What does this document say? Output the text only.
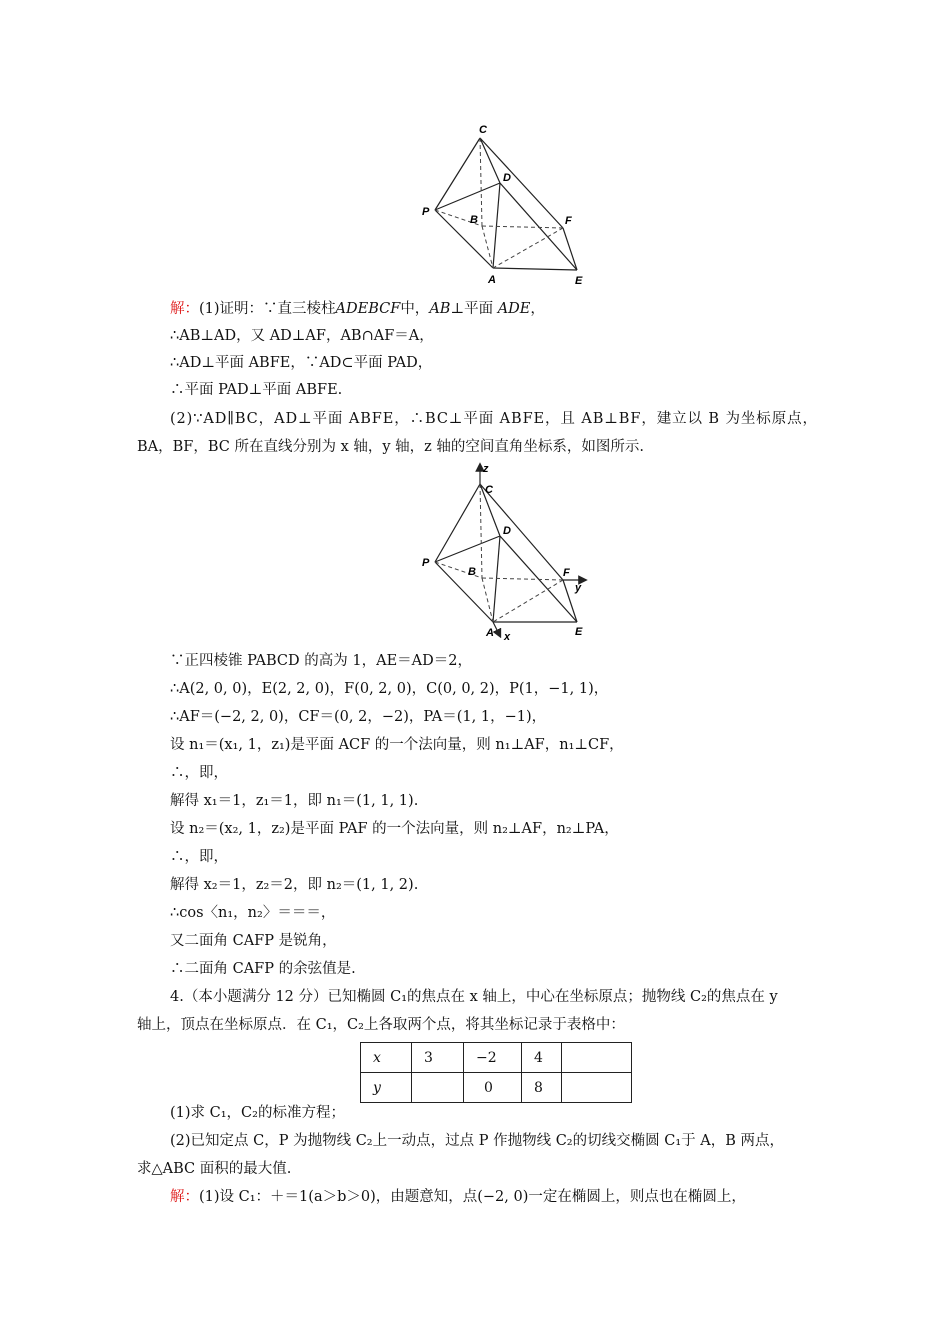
C
D
P
B	F
A	E
解：(1)证明：∵直三棱柱ADEBCF中，AB⊥平面 ADE，
∴AB⊥AD，又 AD⊥AF，AB∩AF＝A，
∴AD⊥平面 ABFE，∵AD⊂平面 PAD，
∴平面 PAD⊥平面 ABFE.
(2)∵AD∥BC，AD⊥平面 ABFE，∴BC⊥平面 ABFE，且 AB⊥BF，建立以 B 为坐标原点，
BA，BF，BC 所在直线分别为 x 轴，y 轴，z 轴的空间直角坐标系，如图所示.
z
C
D
P
B	F
y
A x	E
∵正四棱锥 PABCD 的高为 1，AE＝AD＝2，
∴A(2, 0, 0)，E(2, 2, 0)，F(0, 2, 0)，C(0, 0, 2)，P(1，−1, 1)，
∴AF＝(−2, 2, 0)，CF＝(0, 2，−2)，PA＝(1, 1，−1)，
设 n₁＝(x₁, 1，z₁)是平面 ACF 的一个法向量，则 n₁⊥AF，n₁⊥CF，
∴，即，
解得 x₁＝1，z₁＝1，即 n₁＝(1, 1, 1).
设 n₂＝(x₂, 1，z₂)是平面 PAF 的一个法向量，则 n₂⊥AF，n₂⊥PA，
∴，即，
解得 x₂＝1，z₂＝2，即 n₂＝(1, 1, 2).
∴cos〈n₁，n₂〉＝＝＝，
又二面角 CAFP 是锐角，
∴二面角 CAFP 的余弦值是.
4.（本小题满分 12 分）已知椭圆 C₁的焦点在 x 轴上，中心在坐标原点；抛物线 C₂的焦点在 y
轴上，顶点在坐标原点．在 C₁，C₂上各取两个点，将其坐标记录于表格中：
x	3	−2	4	
y		0	8	
(1)求 C₁，C₂的标准方程；
(2)已知定点 C，P 为抛物线 C₂上一动点，过点 P 作抛物线 C₂的切线交椭圆 C₁于 A，B 两点，
求△ABC 面积的最大值.
解：(1)设 C₁：＋＝1(a＞b＞0)，由题意知，点(−2, 0)一定在椭圆上，则点也在椭圆上，
